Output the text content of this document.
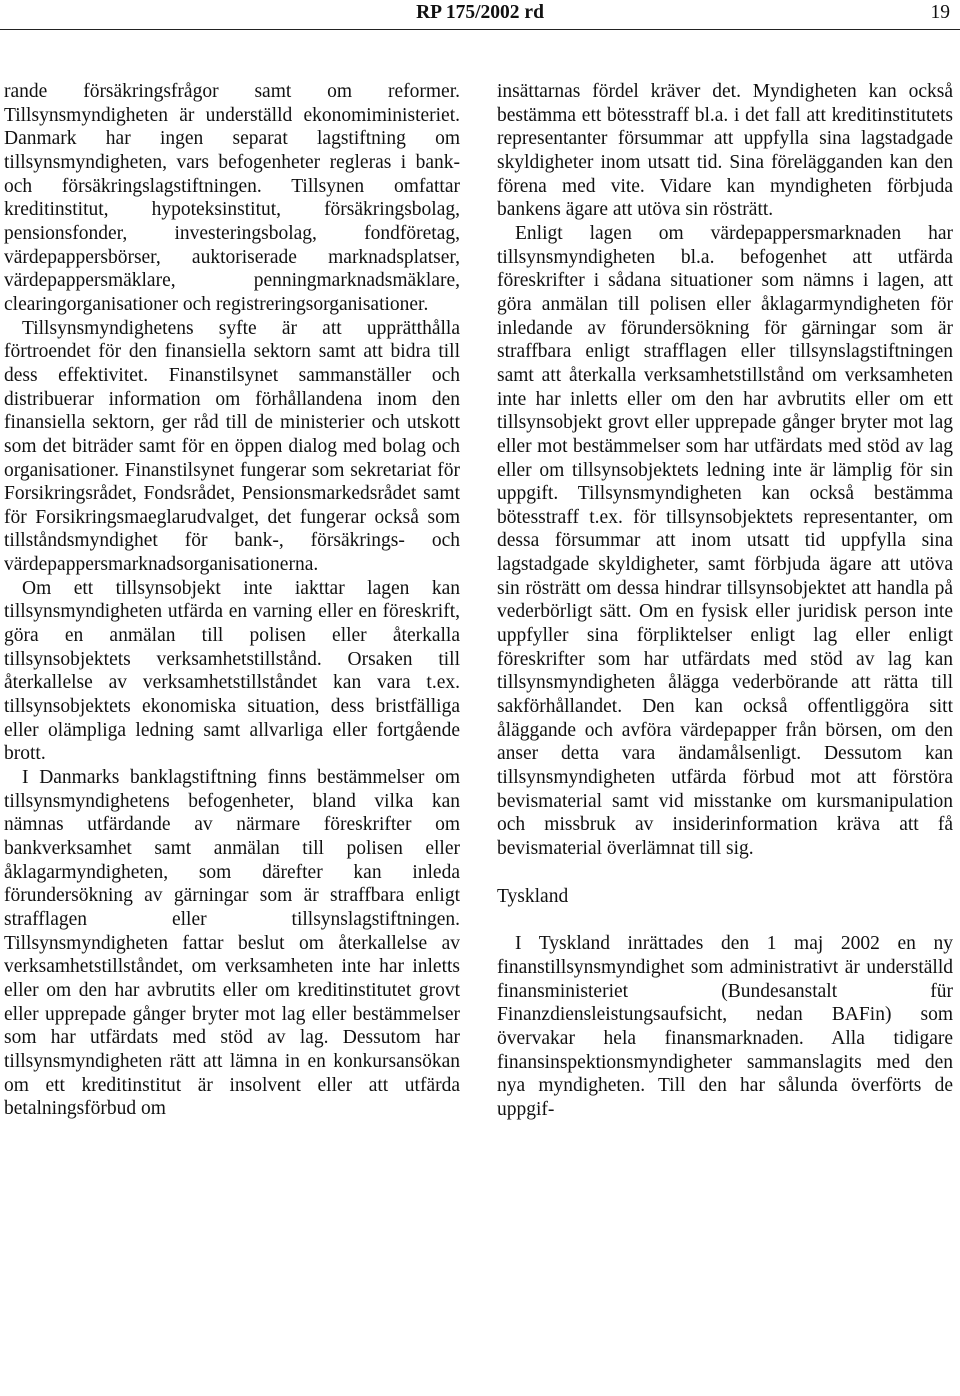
RP 175/2002 rd	19

rande försäkringsfrågor samt om reformer. Tillsynsmyndigheten är underställd ekonomiministeriet. Danmark har ingen separat lagstiftning om tillsynsmyndigheten, vars befogenheter regleras i bank- och försäkringslagstiftningen. Tillsynen omfattar kreditinstitut, hypoteksinstitut, försäkringsbolag, pensionsfonder, investeringsbolag, fondföretag, värdepappersbörser, auktoriserade marknadsplatser, värdepappersmäklare, penningmarknadsmäklare, clearingorganisationer och registreringsorganisationer.

Tillsynsmyndighetens syfte är att upprätthålla förtroendet för den finansiella sektorn samt att bidra till dess effektivitet. Finanstilsynet sammanställer och distribuerar information om förhållandena inom den finansiella sektorn, ger råd till de ministerier och utskott som det biträder samt för en öppen dialog med bolag och organisationer. Finanstilsynet fungerar som sekretariat för Forsikringsrådet, Fondsrådet, Pensionsmarkedsrådet samt för Forsikringsmaeglarudvalget, det fungerar också som tillståndsmyndighet för bank-, försäkrings- och värdepappersmarknadsorganisationerna.

Om ett tillsynsobjekt inte iakttar lagen kan tillsynsmyndigheten utfärda en varning eller en föreskrift, göra en anmälan till polisen eller återkalla tillsynsobjektets verksamhetstillstånd. Orsaken till återkallelse av verksamhetstillståndet kan vara t.ex. tillsynsobjektets ekonomiska situation, dess bristfälliga eller olämpliga ledning samt allvarliga eller fortgående brott.

I Danmarks banklagstiftning finns bestämmelser om tillsynsmyndighetens befogenheter, bland vilka kan nämnas utfärdande av närmare föreskrifter om bankverksamhet samt anmälan till polisen eller åklagarmyndigheten, som därefter kan inleda förundersökning av gärningar som är straffbara enligt strafflagen eller tillsynslagstiftningen. Tillsynsmyndigheten fattar beslut om återkallelse av verksamhetstillståndet, om verksamheten inte har inletts eller om den har avbrutits eller om kreditinstitutet grovt eller upprepade gånger bryter mot lag eller bestämmelser som har utfärdats med stöd av lag. Dessutom har tillsynsmyndigheten rätt att lämna in en konkursansökan om ett kreditinstitut är insolvent eller att utfärda betalningsförbud om

insättarnas fördel kräver det. Myndigheten kan också bestämma ett bötesstraff bl.a. i det fall att kreditinstitutets representanter försummar att uppfylla sina lagstadgade skyldigheter inom utsatt tid. Sina förelägganden kan den förena med vite. Vidare kan myndigheten förbjuda bankens ägare att utöva sin rösträtt.

Enligt lagen om värdepappersmarknaden har tillsynsmyndigheten bl.a. befogenhet att utfärda föreskrifter i sådana situationer som nämns i lagen, att göra anmälan till polisen eller åklagarmyndigheten för inledande av förundersökning för gärningar som är straffbara enligt strafflagen eller tillsynslagstiftningen samt att återkalla verksamhetstillstånd om verksamheten inte har inletts eller om den har avbrutits eller om ett tillsynsobjekt grovt eller upprepade gånger bryter mot lag eller mot bestämmelser som har utfärdats med stöd av lag eller om tillsynsobjektets ledning inte är lämplig för sin uppgift. Tillsynsmyndigheten kan också bestämma bötesstraff t.ex. för tillsynsobjektets representanter, om dessa försummar att inom utsatt tid uppfylla sina lagstadgade skyldigheter, samt förbjuda ägare att utöva sin rösträtt om dessa hindrar tillsynsobjektet att handla på vederbörligt sätt. Om en fysisk eller juridisk person inte uppfyller sina förpliktelser enligt lag eller enligt föreskrifter som har utfärdats med stöd av lag kan tillsynsmyndigheten ålägga vederbörande att rätta till sakförhållandet. Den kan också offentliggöra sitt åläggande och avföra värdepapper från börsen, om den anser detta vara ändamålsenligt. Dessutom kan tillsynsmyndigheten utfärda förbud mot att förstöra bevismaterial samt vid misstanke om kursmanipulation och missbruk av insiderinformation kräva att få bevismaterial överlämnat till sig.

Tyskland

I Tyskland inrättades den 1 maj 2002 en ny finanstillsynsmyndighet som administrativt är underställd finansministeriet (Bundesanstalt für Finanzdiensleistungsaufsicht, nedan BAFin) som övervakar hela finansmarknaden. Alla tidigare finansinspektionsmyndigheter sammanslagits med den nya myndigheten. Till den har sålunda överförts de uppgif-
